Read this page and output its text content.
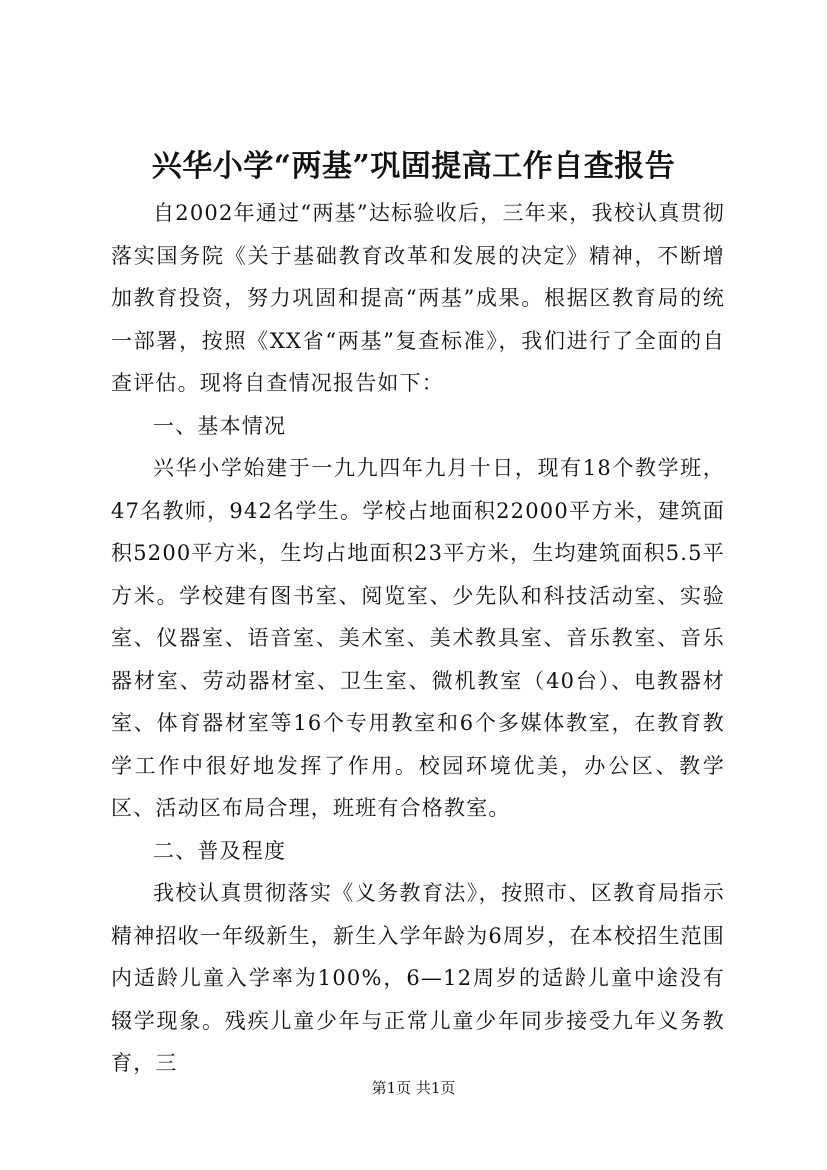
兴华小学“两基”巩固提高工作自查报告

自2002年通过“两基”达标验收后，三年来，我校认真贯彻落实国务院《关于基础教育改革和发展的决定》精神，不断增加教育投资，努力巩固和提高“两基”成果。根据区教育局的统一部署，按照《XX省“两基”复查标准》，我们进行了全面的自查评估。现将自查情况报告如下：

一、基本情况

兴华小学始建于一九九四年九月十日，现有18个教学班，47名教师，942名学生。学校占地面积22000平方米，建筑面积5200平方米，生均占地面积23平方米，生均建筑面积5.5平方米。学校建有图书室、阅览室、少先队和科技活动室、实验室、仪器室、语音室、美术室、美术教具室、音乐教室、音乐器材室、劳动器材室、卫生室、微机教室（40台）、电教器材室、体育器材室等16个专用教室和6个多媒体教室，在教育教学工作中很好地发挥了作用。校园环境优美，办公区、教学区、活动区布局合理，班班有合格教室。

二、普及程度

我校认真贯彻落实《义务教育法》，按照市、区教育局指示精神招收一年级新生，新生入学年龄为6周岁，在本校招生范围内适龄儿童入学率为100%，6—12周岁的适龄儿童中途没有辍学现象。残疾儿童少年与正常儿童少年同步接受九年义务教育，三

第1页 共1页
